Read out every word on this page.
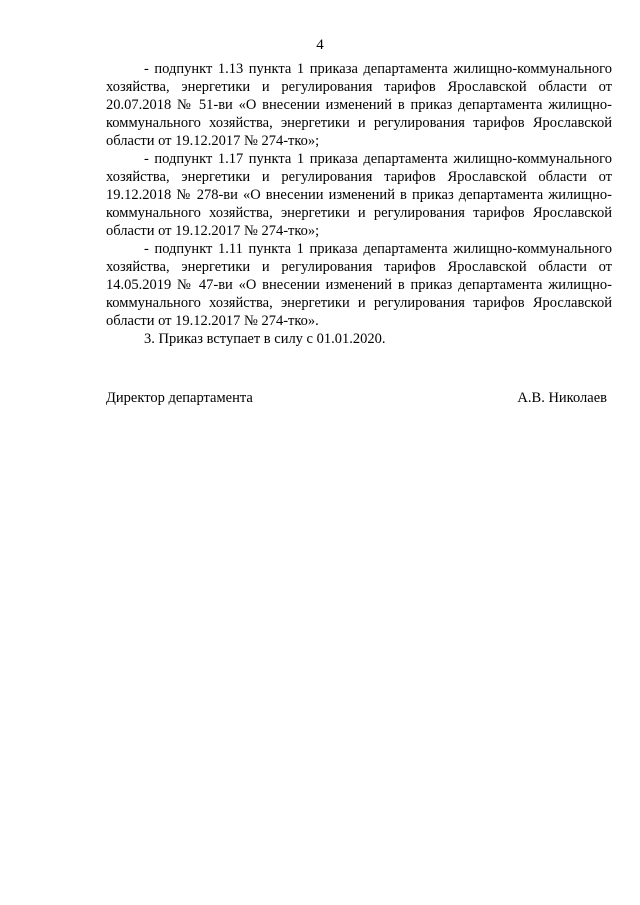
4

- подпункт 1.13 пункта 1 приказа департамента жилищно-коммунального хозяйства, энергетики и регулирования тарифов Ярославской области от 20.07.2018 № 51-ви «О внесении изменений в приказ департамента жилищно-коммунального хозяйства, энергетики и регулирования тарифов Ярославской области от 19.12.2017 № 274-тко»;

- подпункт 1.17 пункта 1 приказа департамента жилищно-коммунального хозяйства, энергетики и регулирования тарифов Ярославской области от 19.12.2018 № 278-ви «О внесении изменений в приказ департамента жилищно-коммунального хозяйства, энергетики и регулирования тарифов Ярославской области от 19.12.2017 № 274-тко»;

- подпункт 1.11 пункта 1 приказа департамента жилищно-коммунального хозяйства, энергетики и регулирования тарифов Ярославской области от 14.05.2019 № 47-ви «О внесении изменений в приказ департамента жилищно-коммунального хозяйства, энергетики и регулирования тарифов Ярославской области от 19.12.2017 № 274-тко».

3. Приказ вступает в силу с 01.01.2020.

Директор департамента	А.В. Николаев
